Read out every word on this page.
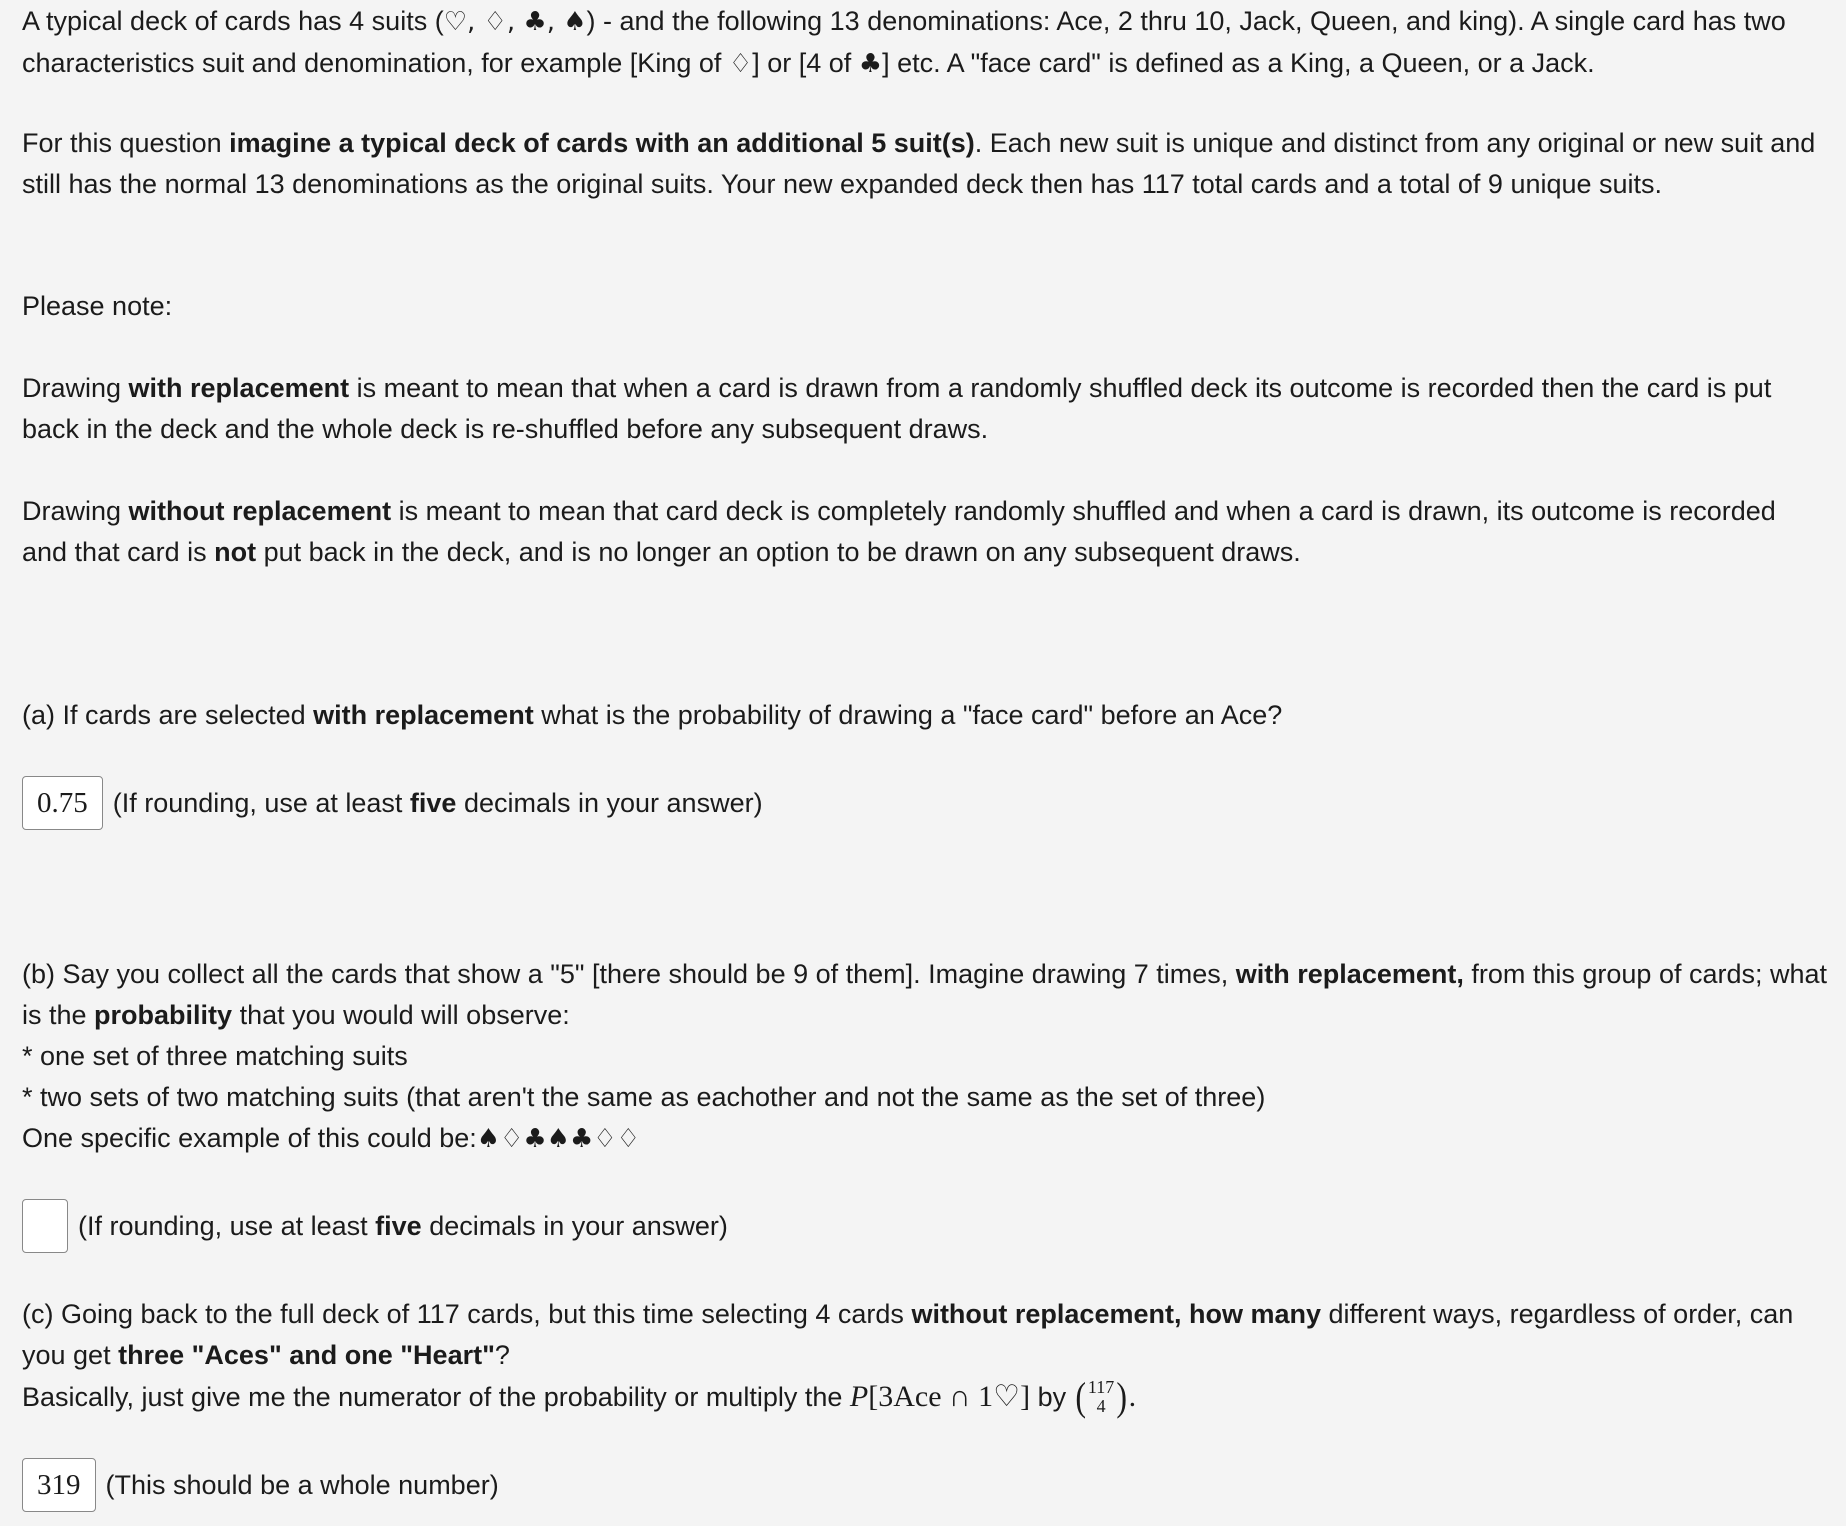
A typical deck of cards has 4 suits (♡, ♢, ♣, ♠) - and the following 13 denominations: Ace, 2 thru 10, Jack, Queen, and king). A single card has two characteristics suit and denomination, for example [King of ♢] or [4 of ♣] etc. A "face card" is defined as a King, a Queen, or a Jack.

For this question imagine a typical deck of cards with an additional 5 suit(s). Each new suit is unique and distinct from any original or new suit and still has the normal 13 denominations as the original suits. Your new expanded deck then has 117 total cards and a total of 9 unique suits.

Please note:

Drawing with replacement is meant to mean that when a card is drawn from a randomly shuffled deck its outcome is recorded then the card is put back in the deck and the whole deck is re-shuffled before any subsequent draws.

Drawing without replacement is meant to mean that card deck is completely randomly shuffled and when a card is drawn, its outcome is recorded and that card is not put back in the deck, and is no longer an option to be drawn on any subsequent draws.

(a) If cards are selected with replacement what is the probability of drawing a "face card" before an Ace?

0.75 (If rounding, use at least five decimals in your answer)

(b) Say you collect all the cards that show a "5" [there should be 9 of them]. Imagine drawing 7 times, with replacement, from this group of cards; what is the probability that you would will observe:

* one set of three matching suits

* two sets of two matching suits (that aren't the same as eachother and not the same as the set of three)

One specific example of this could be:♠♢♣♠♣♢♢

(If rounding, use at least five decimals in your answer)

(c) Going back to the full deck of 117 cards, but this time selecting 4 cards without replacement, how many different ways, regardless of order, can you get three "Aces" and one "Heart"?

Basically, just give me the numerator of the probability or multiply the P[3Ace ∩ 1♡] by ( 117
4 ) .

319 (This should be a whole number)
